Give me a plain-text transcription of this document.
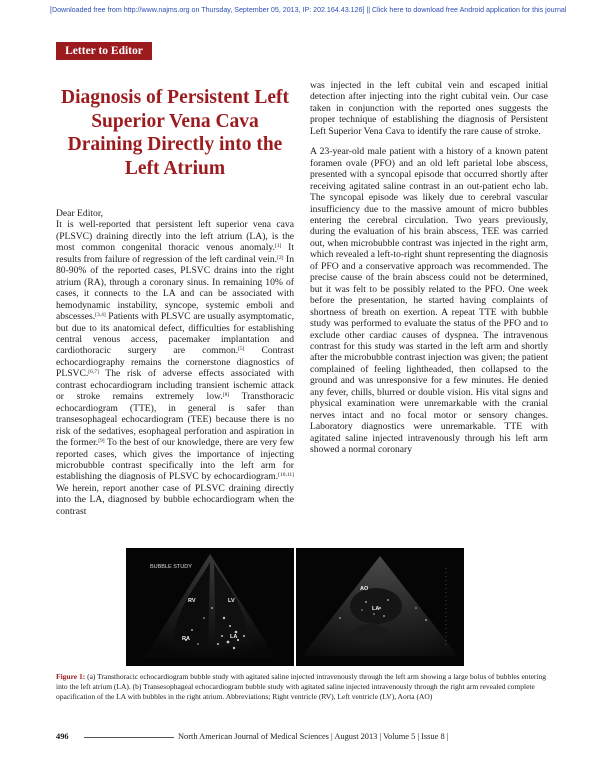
[Downloaded free from http://www.najms.org on Thursday, September 05, 2013, IP: 202.164.43.126] || Click here to download free Android application for this journal
Letter to Editor
Diagnosis of Persistent Left Superior Vena Cava Draining Directly into the Left Atrium

Dear Editor,

It is well-reported that persistent left superior vena cava (PLSVC) draining directly into the left atrium (LA), is the most common congenital thoracic venous anomaly.[1] It results from failure of regression of the left cardinal vein.[2] In 80-90% of the reported cases, PLSVC drains into the right atrium (RA), through a coronary sinus. In remaining 10% of cases, it connects to the LA and can be associated with hemodynamic instability, syncope, systemic emboli and abscesses.[3,4] Patients with PLSVC are usually asymptomatic, but due to its anatomical defect, difficulties for establishing central venous access, pacemaker implantation and cardiothoracic surgery are common.[5] Contrast echocardiography remains the cornerstone diagnostics of PLSVC.[6,7] The risk of adverse effects associated with contrast echocardiogram including transient ischemic attack or stroke remains extremely low.[8] Transthoracic echocardiogram (TTE), in general is safer than transesophageal echocardiogram (TEE) because there is no risk of the sedatives, esophageal perforation and aspiration in the former.[9] To the best of our knowledge, there are very few reported cases, which gives the importance of injecting microbubble contrast specifically into the left arm for establishing the diagnosis of PLSVC by echocardiogram.[10,11] We herein, report another case of PLSVC draining directly into the LA, diagnosed by bubble echocardiogram when the contrast

was injected in the left cubital vein and escaped initial detection after injecting into the right cubital vein. Our case taken in conjunction with the reported ones suggests the proper technique of establishing the diagnosis of Persistent Left Superior Vena Cava to identify the rare cause of stroke.

A 23-year-old male patient with a history of a known patent foramen ovale (PFO) and an old left parietal lobe abscess, presented with a syncopal episode that occurred shortly after receiving agitated saline contrast in an out-patient echo lab. The syncopal episode was likely due to cerebral vascular insufficiency due to the massive amount of micro bubbles entering the cerebral circulation. Two years previously, during the evaluation of his brain abscess, TEE was carried out, when microbubble contrast was injected in the right arm, which revealed a left-to-right shunt representing the diagnosis of PFO and a conservative approach was recommended. The precise cause of the brain abscess could not be determined, but it was felt to be possibly related to the PFO. One week before the presentation, he started having complaints of shortness of breath on exertion. A repeat TTE with bubble study was performed to evaluate the status of the PFO and to exclude other cardiac causes of dyspnea. The intravenous contrast for this study was started in the left arm and shortly after the microbubble contrast injection was given; the patient complained of feeling lightheaded, then collapsed to the ground and was unresponsive for a few minutes. He denied any fever, chills, blurred or double vision. His vital signs and physical examination were unremarkable with the cranial nerves intact and no focal motor or sensory changes. Laboratory diagnostics were unremarkable. TTE with agitated saline injected intravenously through his left arm showed a normal coronary

BUBBLE STUDY
RV	LV
RA	LA
AO
LA

Figure 1: (a) Transthoracic echocardiogram bubble study with agitated saline injected intravenously through the left arm showing a large bolus of bubbles entering into the left atrium (LA). (b) Transesophageal echocardiogram bubble study with agitated saline injected intravenously through the right arm revealed complete opacification of the LA with bubbles in the right atrium. Abbreviations; Right ventricle (RV), Left ventricle (LV), Aorta (AO)

496	North American Journal of Medical Sciences | August 2013 | Volume 5 | Issue 8 |
